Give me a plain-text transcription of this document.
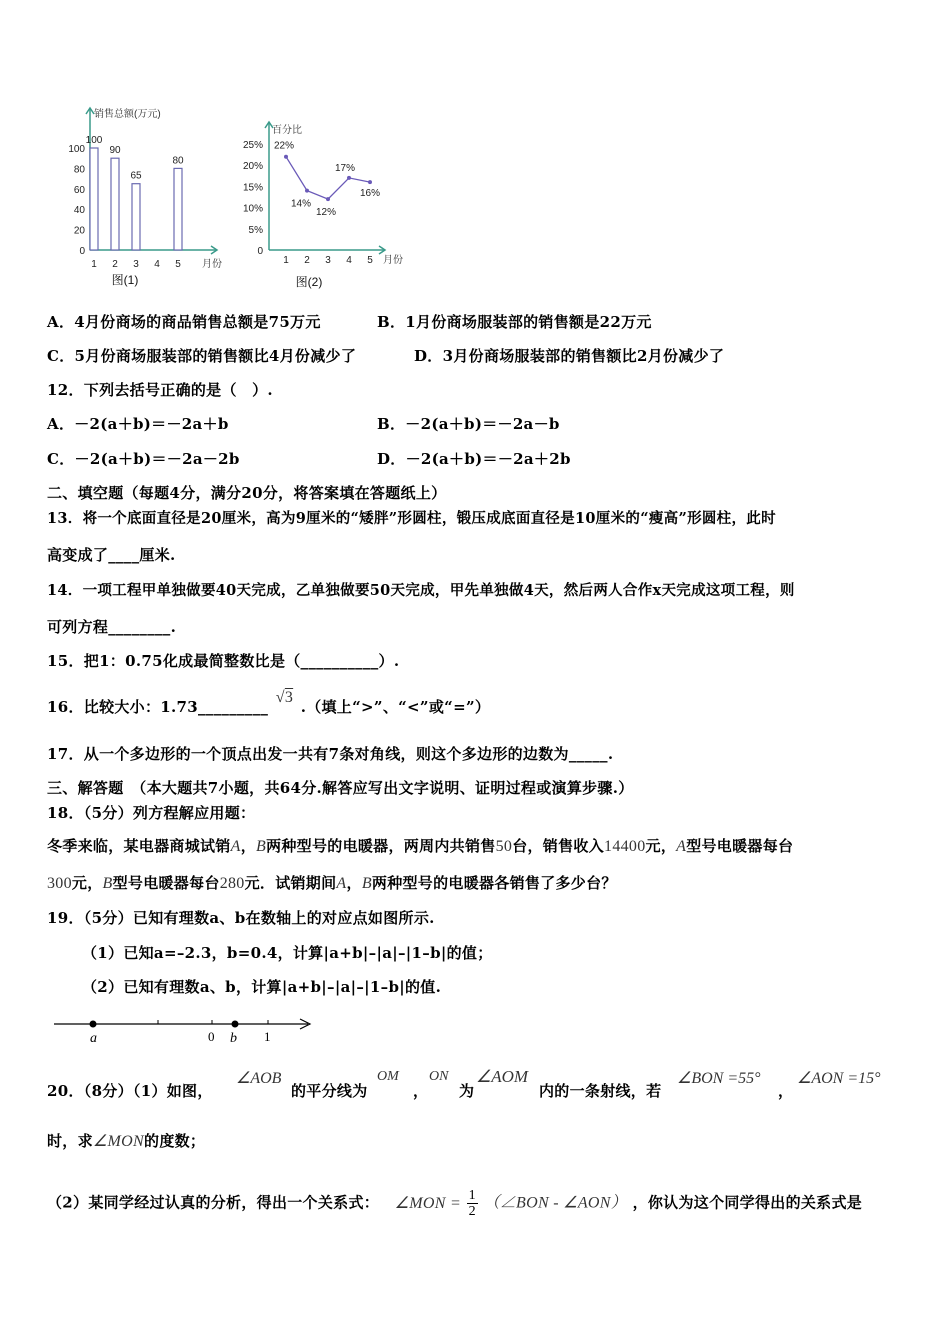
销售总额(万元)
100
80
60
40
20
0
1 2 3 4 5 月份
100
90
65
80
图(1)
百分比
25%
20%
15%
10%
5%
0
1 2 3 4 5 月份
22%
14%
12%
17%
16%
图(2)
A．4月份商场的商品销售总额是75万元	B．1月份商场服装部的销售额是22万元
C．5月份商场服装部的销售额比4月份减少了	D．3月份商场服装部的销售额比2月份减少了
12．下列去括号正确的是（　）.
A．－2(a＋b)＝－2a＋b	B．－2(a＋b)＝－2a－b
C．－2(a＋b)＝－2a－2b	D．－2(a＋b)＝－2a＋2b
二、填空题（每题4分，满分20分，将答案填在答题纸上）
13．将一个底面直径是20厘米，高为9厘米的“矮胖”形圆柱，锻压成底面直径是10厘米的“瘦高”形圆柱，此时
高变成了____厘米.
14．一项工程甲单独做要40天完成，乙单独做要50天完成，甲先单独做4天，然后两人合作x天完成这项工程，则
可列方程________.
15．把1：0.75化成最简整数比是（__________）.
16．比较大小：1.73_________ √3 .（填上“>”、“<”或“=”）
17．从一个多边形的一个顶点出发一共有7条对角线，则这个多边形的边数为_____.
三、解答题　（本大题共7小题，共64分.解答应写出文字说明、证明过程或演算步骤.）
18．（5分）列方程解应用题：
冬季来临，某电器商城试销A，B两种型号的电暖器，两周内共销售50台，销售收入14400元，A型号电暖器每台
300元，B型号电暖器每台280元．试销期间A，B两种型号的电暖器各销售了多少台？
19．（5分）已知有理数a、b在数轴上的对应点如图所示.
（1）已知a=–2.3，b=0.4，计算|a+b|–|a|–|1–b|的值；
（2）已知有理数a、b，计算|a+b|–|a|–|1–b|的值.
a	0 b 1
20．（8分）（1）如图，
∠AOB
的平分线为
OM
，
ON
为
∠AOM
内的一条射线，若
∠BON =55°
，
∠AON =15°
时，求∠MON的度数；
（2）某同学经过认真的分析，得出一个关系式： ∠MON = $\frac{1}{2}$ （∠BON - ∠AON） ，你认为这个同学得出的关系式是
